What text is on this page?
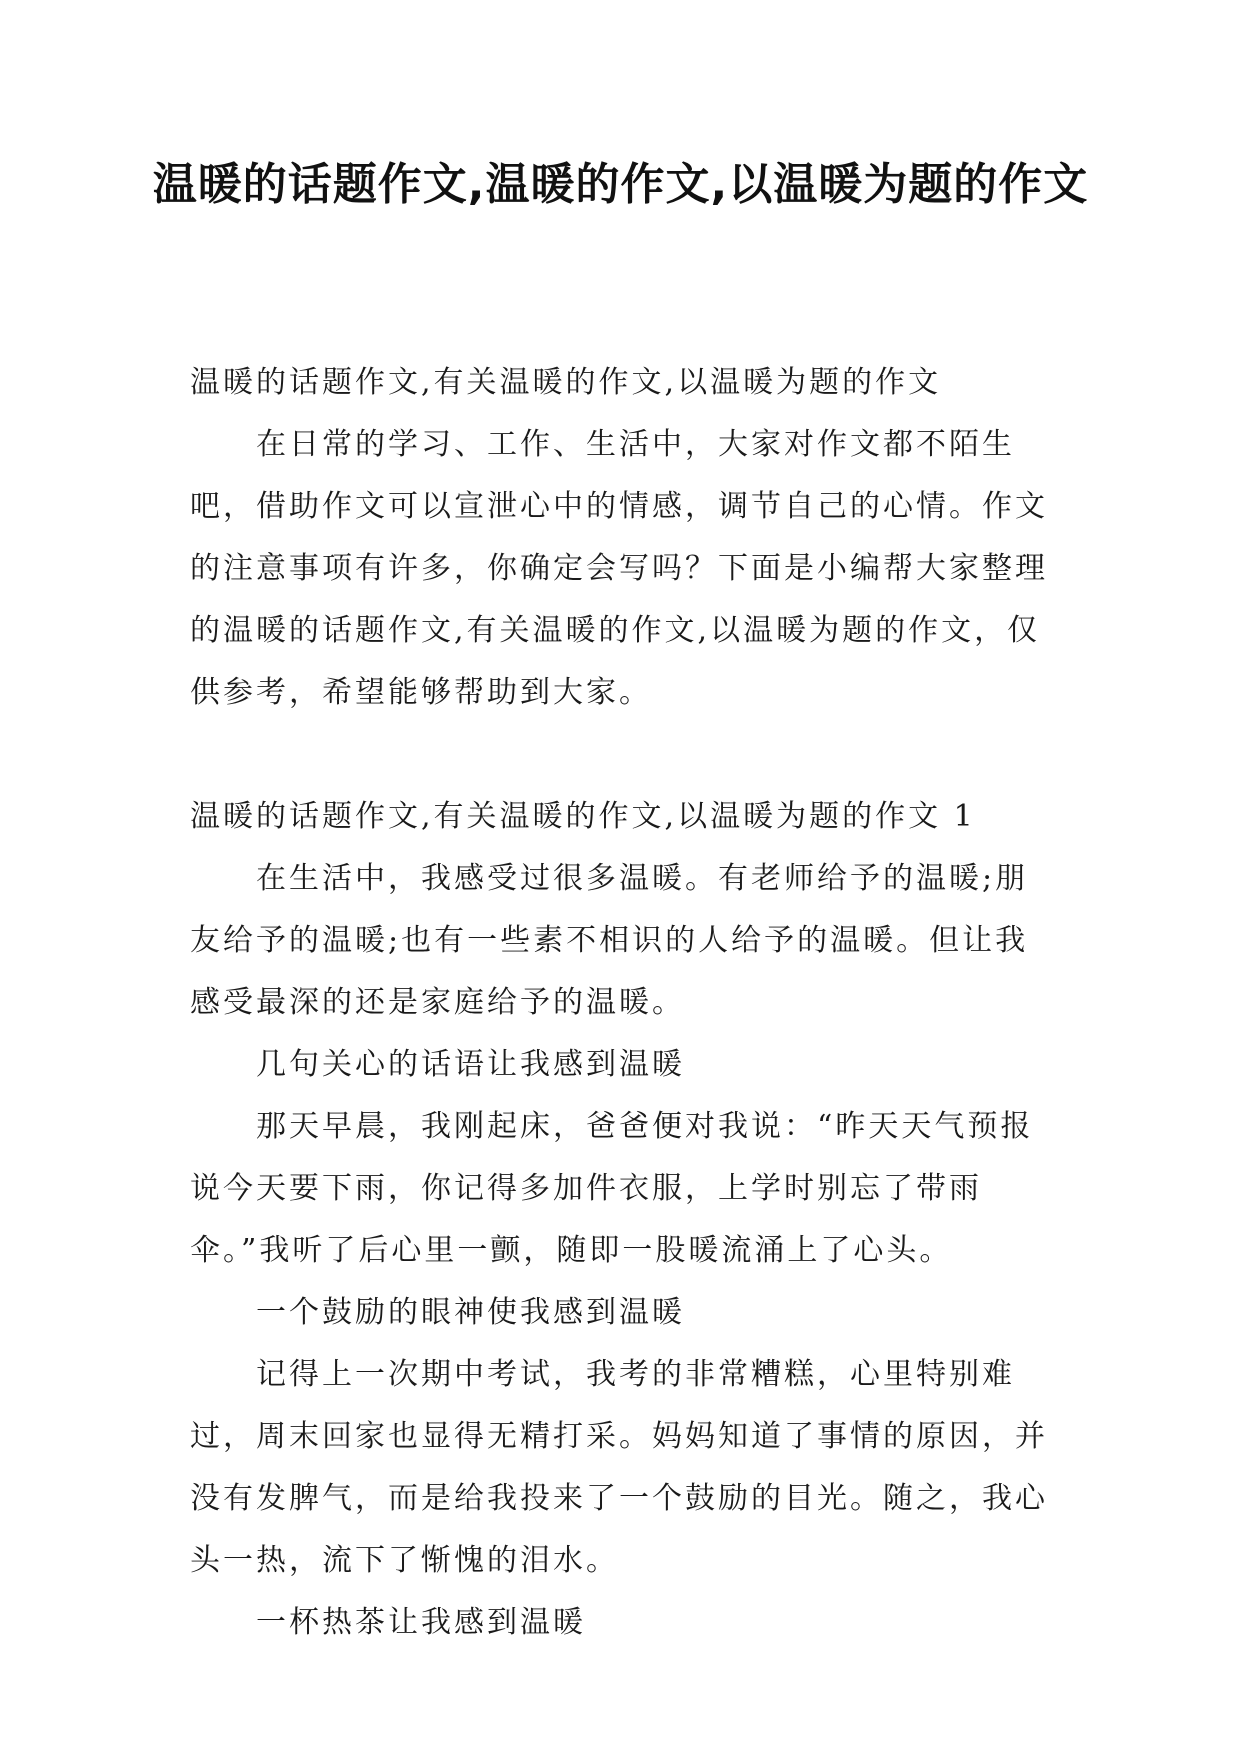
温暖的话题作文,温暖的作文,以温暖为题的作文

温暖的话题作文,有关温暖的作文,以温暖为题的作文

在日常的学习、工作、生活中，大家对作文都不陌生吧，借助作文可以宣泄心中的情感，调节自己的心情。作文的注意事项有许多，你确定会写吗？下面是小编帮大家整理的温暖的话题作文,有关温暖的作文,以温暖为题的作文，仅供参考，希望能够帮助到大家。

温暖的话题作文,有关温暖的作文,以温暖为题的作文 1

在生活中，我感受过很多温暖。有老师给予的温暖;朋友给予的温暖;也有一些素不相识的人给予的温暖。但让我感受最深的还是家庭给予的温暖。

几句关心的话语让我感到温暖

那天早晨，我刚起床，爸爸便对我说：“昨天天气预报说今天要下雨，你记得多加件衣服，上学时别忘了带雨伞。”我听了后心里一颤，随即一股暖流涌上了心头。

一个鼓励的眼神使我感到温暖

记得上一次期中考试，我考的非常糟糕，心里特别难过，周末回家也显得无精打采。妈妈知道了事情的原因，并没有发脾气，而是给我投来了一个鼓励的目光。随之，我心头一热，流下了惭愧的泪水。

一杯热茶让我感到温暖
